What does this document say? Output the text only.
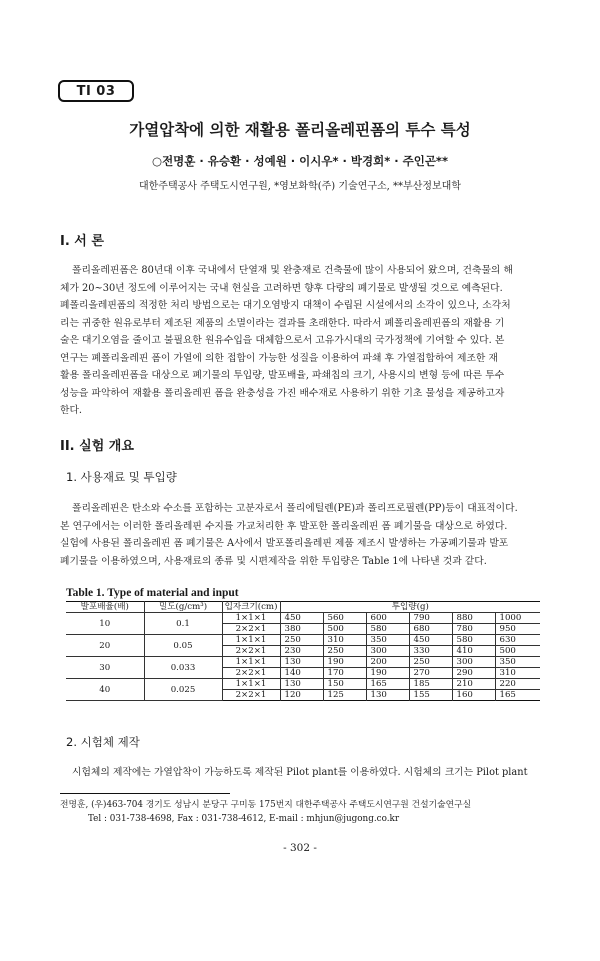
TI 03
가열압착에 의한 재활용 폴리올레핀폼의 투수 특성
○전명훈 · 유승환 · 성예원 · 이시우* · 박경희* · 주인곤**
대한주택공사 주택도시연구원, *영보화학(주) 기술연구소, **부산정보대학
I. 서 론
폴리올레핀폼은 80년대 이후 국내에서 단열재 및 완충재로 건축물에 많이 사용되어 왔으며, 건축물의 해
체가 20~30년 정도에 이루어지는 국내 현실을 고려하면 향후 다량의 폐기물로 발생될 것으로 예측된다.
폐폴리올레핀폼의 적정한 처리 방법으로는 대기오염방지 대책이 수립된 시설에서의 소각이 있으나, 소각처
리는 귀중한 원유로부터 제조된 제품의 소멸이라는 결과를 초래한다. 따라서 폐폴리올레핀폼의 재활용 기
술은 대기오염을 줄이고 불필요한 원유수입을 대체함으로서 고유가시대의 국가정책에 기여할 수 있다. 본
연구는 폐폴리올레핀 폼이 가열에 의한 접합이 가능한 성질을 이용하여 파쇄 후 가열접합하여 제조한 재
활용 폴리올레핀폼을 대상으로 폐기물의 투입량, 발포배율, 파쇄칩의 크기, 사용시의 변형 등에 따른 투수
성능을 파악하여 재활용 폴리올레핀 폼을 완충성을 가진 배수재로 사용하기 위한 기초 물성을 제공하고자
한다.
II. 실험 개요
1. 사용재료 및 투입량
폴리올레핀은 탄소와 수소를 포함하는 고분자로서 폴리에틸렌(PE)과 폴리프로필렌(PP)등이 대표적이다.
본 연구에서는 이러한 폴리올레핀 수지를 가교처리한 후 발포한 폴리올레핀 폼 폐기물을 대상으로 하였다.
실험에 사용된 폴리올레핀 폼 폐기물은 A사에서 발포폴리올레핀 제품 제조시 발생하는 가공폐기물과 발포
폐기물을 이용하였으며, 사용재료의 종류 및 시편제작을 위한 투입량은 Table 1에 나타낸 것과 같다.
Table 1. Type of material and input
발포배율(배)	밀도(g/cm³)	입자크기(cm)	투입량(g)					
10	0.1	1×1×1	450	560	600	790	880	1000
		2×2×1	380	500	580	680	780	950
20	0.05	1×1×1	250	310	350	450	580	630
		2×2×1	230	250	300	330	410	500
30	0.033	1×1×1	130	190	200	250	300	350
		2×2×1	140	170	190	270	290	310
40	0.025	1×1×1	130	150	165	185	210	220
		2×2×1	120	125	130	155	160	165
2. 시험체 제작
시험체의 제작에는 가열압착이 가능하도록 제작된 Pilot plant를 이용하였다. 시험체의 크기는 Pilot plant
전명훈, (우)463-704 경기도 성남시 분당구 구미동 175번지 대한주택공사 주택도시연구원 건설기술연구실
Tel : 031-738-4698, Fax : 031-738-4612, E-mail : mhjun@jugong.co.kr
- 302 -
